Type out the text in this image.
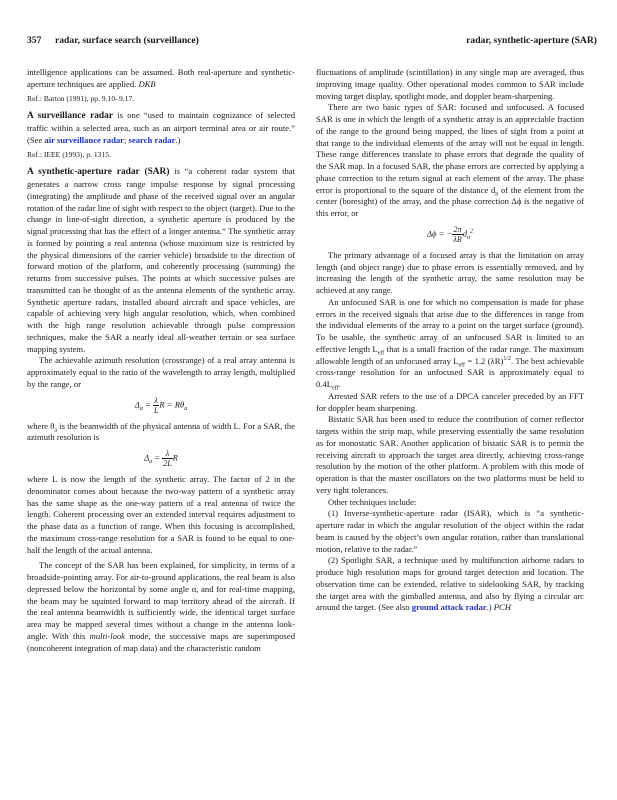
357 radar, surface search (surveillance)	radar, synthetic-aperture (SAR)

intelligence applications can be assumed. Both real-aperture and synthetic-aperture techniques are applied. DKB

Ref.: Barton (1991), pp. 9.10–9.17.

A surveillance radar is one “used to maintain cognizance of selected traffic within a selected area, such as an airport terminal area or air route.” (See air surveillance radar; search radar.)

Ref.: IEEE (1993), p. 1315.

A synthetic-aperture radar (SAR) is “a coherent radar system that generates a narrow cross range impulse response by signal processing (integrating) the amplitude and phase of the received signal over an angular rotation of the radar line of sight with respect to the object (target). Due to the change in line-of-sight direction, a synthetic aperture is produced by the signal processing that has the effect of a longer antenna.” The synthetic array is formed by pointing a real antenna (whose maximum size is restricted by the physical dimensions of the carrier vehicle) broadside to the direction of forward motion of the platform, and coherently processing (summing) the returns from successive pulses. The points at which successive pulses are transmitted can be thought of as the antenna elements of the synthetic array. Synthetic aperture radars, installed aboard aircraft and space vehicles, are capable of achieving very high angular resolution, which, when combined with the high range resolution achievable through pulse compression techniques, make the SAR a nearly ideal all-weather terrain or sea surface mapping system.

The achievable azimuth resolution (crossrange) of a real array antenna is approximately equal to the ratio of the wavelength to array length, multiplied by the range, or

$\Delta_a = \frac{\lambda}{L}$ $R = R\theta_a$

where $\theta_a$ is the beamwidth of the physical antenna of width L. For a SAR, the azimuth resolution is

$\Delta_a = \frac{\lambda}{2L}$ R

where L is now the length of the synthetic array. The factor of 2 in the denominator comes about because the two-way pattern of a synthetic array has the same shape as the one-way pattern of a real antenna of twice the length. Coherent processing over an extended interval requires adjustment to the phase data as a function of range. When this focusing is accomplished, the maximum cross-range resolution for a SAR is found to be equal to one-half the length of the actual antenna.

The concept of the SAR has been explained, for simplicity, in terms of a broadside-pointing array. For air-to-ground applications, the real beam is also depressed below the horizontal by some angle α, and for real-time mapping, the beam may be squinted forward to map territory ahead of the aircraft. If the real antenna beamwidth is sufficiently wide, the identical target surface area may be mapped several times without a change in the antenna look-angle. With this multi-look mode, the successive maps are superimposed (noncoherent integration of map data) and the characteristic random

fluctuations of amplitude (scintillation) in any single map are averaged, thus improving image quality. Other operational modes common to SAR include moving target display, spotlight mode, and doppler beam-sharpening.

There are two basic types of SAR: focused and unfocused. A focused SAR is one in which the length of a synthetic array is an appreciable fraction of the range to the ground being mapped, the lines of sight from a point at that range to the individual elements of the array will not be equal in length. These range differences translate to phase errors that degrade the quality of the SAR map. In a focused SAR, the phase errors are corrected by applying a phase correction to the return signal at each element of the array. The phase error is proportional to the square of the distance $d_n$ of the element from the center (boresight) of the array, and the phase correction Δϕ is the negative of this error, or

Δϕ = − $\frac{2\pi}{\lambda R} d_n^2$

The primary advantage of a focused array is that the limitation on array length (and object range) due to phase errors is essentially removed, and by increasing the length of the synthetic array, the same resolution may be achieved at any range.

An unfocused SAR is one for which no compensation is made for phase errors in the received signals that arise due to the differences in range from the individual elements of the array to a point on the target surface (ground). To be usable, the synthetic array of an unfocused SAR is limited to an effective length $L_{eff}$ that is a small fraction of the radar range. The maximum allowable length of an unfocused array $L_{eff} = 1.2$ $(\lambda R)^{1/2}$. The best achievable cross-range resolution for an unfocused SAR is approximately equal to $0.4L_{eff}$.

Arrested SAR refers to the use of a DPCA canceler preceded by an FFT for doppler beam sharpening.

Bistatic SAR has been used to reduce the contribution of corner reflector targets within the strip map, while preserving essentially the same resolution as for monostatic SAR. Another application of bistatic SAR is to permit the receiving aircraft to approach the target area directly, achieving cross-range resolution by the motion of the other platform. A problem with this mode of operation is that the master oscillators on the two platforms must be held to very tight tolerances.

Other techniques include:

(1) Inverse-synthetic-aperture radar (ISAR), which is “a synthetic-aperture radar in which the angular resolution of the object within the radar beam is caused by the object’s own angular rotation, rather than translational motion, relative to the radar.”

(2) Spotlight SAR, a technique used by multifunction airborne radars to produce high resolution maps for ground target detection and location. The observation time can be extended, relative to sidelooking SAR, by tracking the target area with the gimballed antenna, and also by flying a circular arc around the target. (See also ground attack radar.) PCH
